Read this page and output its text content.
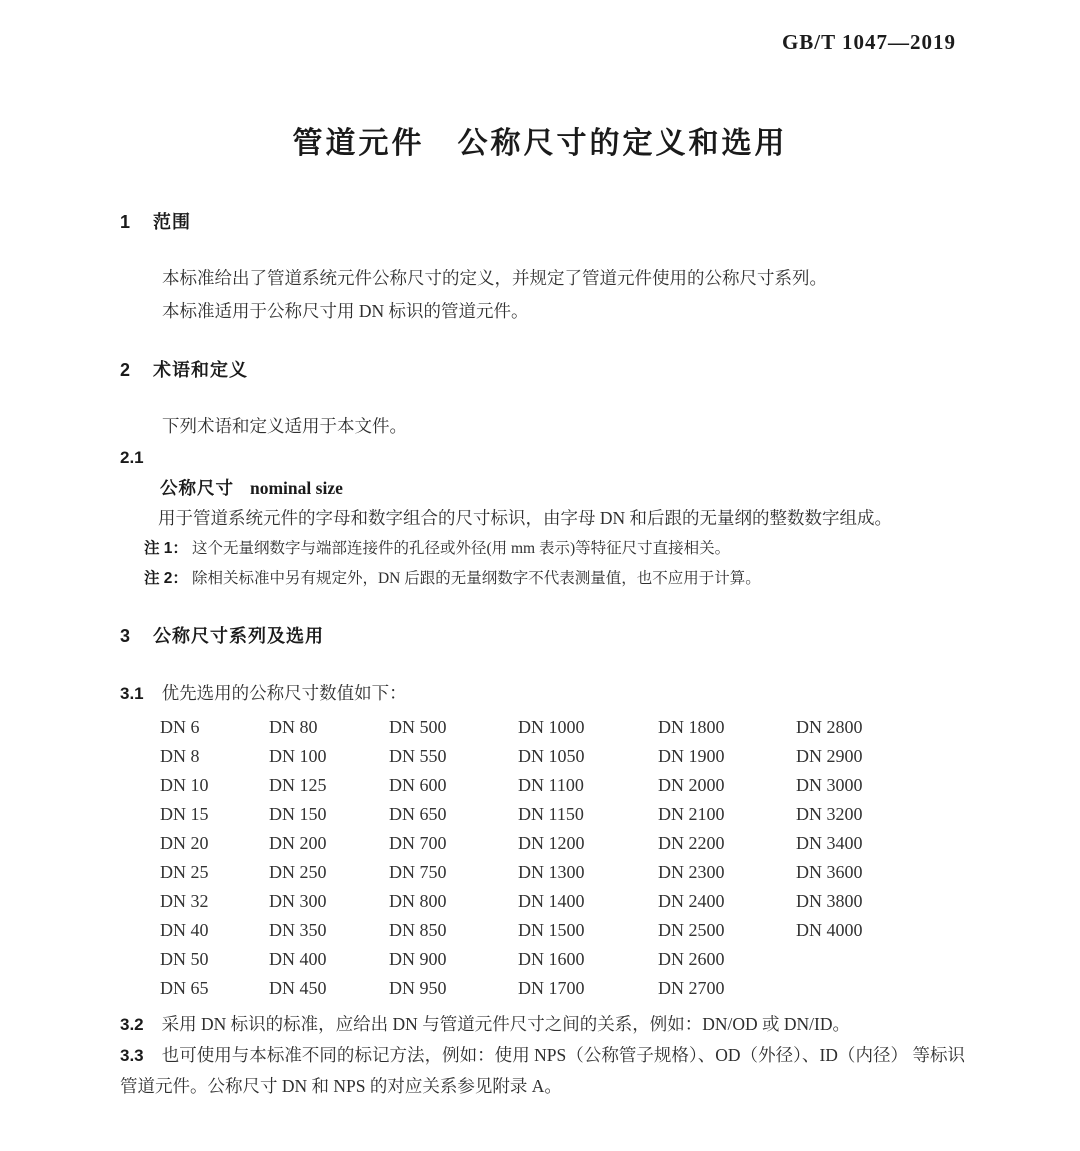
GB/T 1047—2019
管道元件　公称尺寸的定义和选用
1 范围
本标准给出了管道系统元件公称尺寸的定义，并规定了管道元件使用的公称尺寸系列。
本标准适用于公称尺寸用 DN 标识的管道元件。
2 术语和定义
下列术语和定义适用于本文件。
2.1
公称尺寸 nominal size
用于管道系统元件的字母和数字组合的尺寸标识，由字母 DN 和后跟的无量纲的整数数字组成。
注 1： 这个无量纲数字与端部连接件的孔径或外径(用 mm 表示)等特征尺寸直接相关。
注 2： 除相关标准中另有规定外，DN 后跟的无量纲数字不代表测量值，也不应用于计算。
3 公称尺寸系列及选用
3.1 优先选用的公称尺寸数值如下：
DN 6	DN 80	DN 500	DN 1000	DN 1800	DN 2800
DN 8	DN 100	DN 550	DN 1050	DN 1900	DN 2900
DN 10	DN 125	DN 600	DN 1100	DN 2000	DN 3000
DN 15	DN 150	DN 650	DN 1150	DN 2100	DN 3200
DN 20	DN 200	DN 700	DN 1200	DN 2200	DN 3400
DN 25	DN 250	DN 750	DN 1300	DN 2300	DN 3600
DN 32	DN 300	DN 800	DN 1400	DN 2400	DN 3800
DN 40	DN 350	DN 850	DN 1500	DN 2500	DN 4000
DN 50	DN 400	DN 900	DN 1600	DN 2600
DN 65	DN 450	DN 950	DN 1700	DN 2700
3.2 采用 DN 标识的标准，应给出 DN 与管道元件尺寸之间的关系，例如：DN/OD 或 DN/ID。
3.3 也可使用与本标准不同的标记方法，例如：使用 NPS（公称管子规格）、OD（外径）、ID（内径） 等标识管道元件。公称尺寸 DN 和 NPS 的对应关系参见附录 A。
